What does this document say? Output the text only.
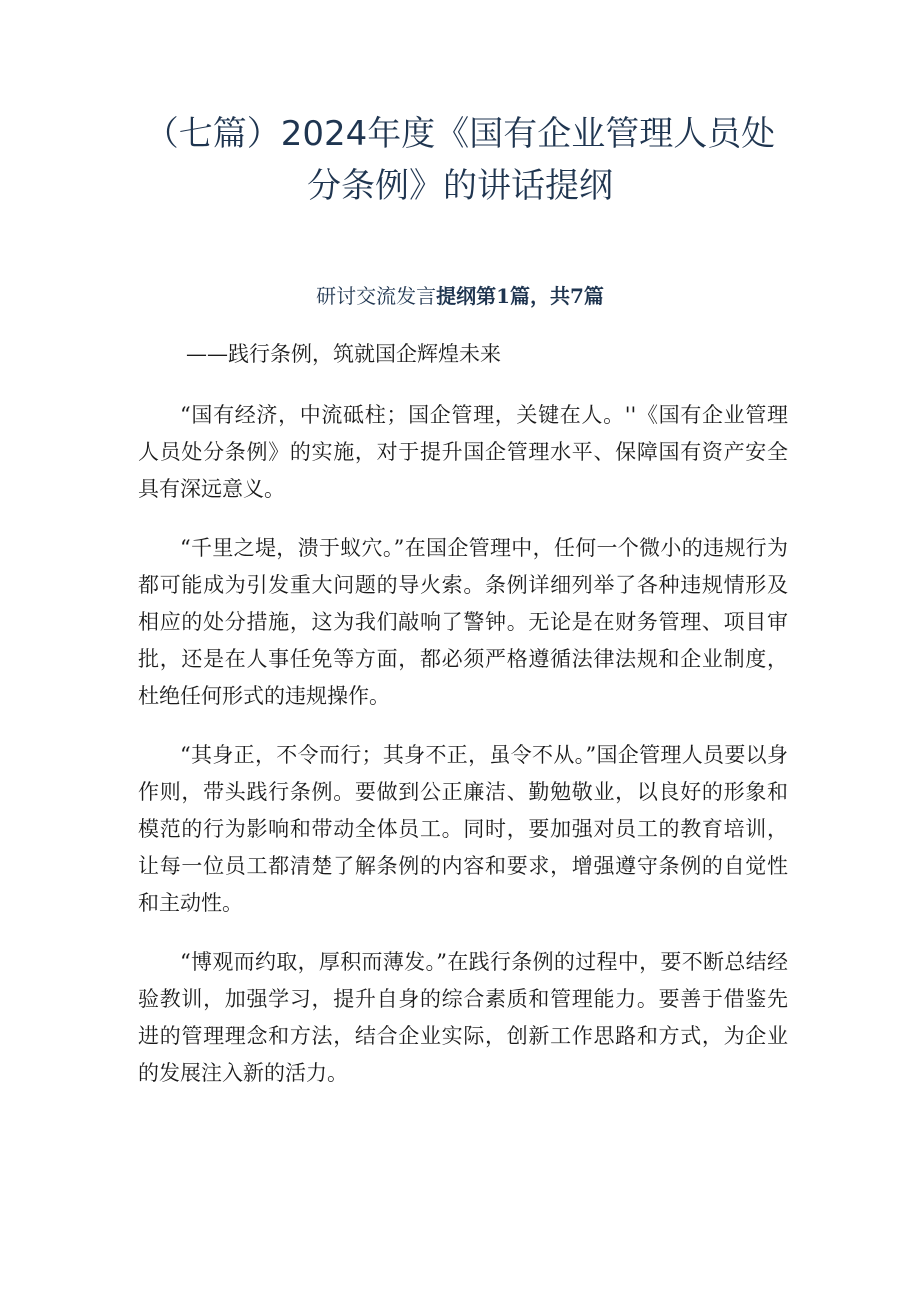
（七篇）2024年度《国有企业管理人员处
分条例》的讲话提纲
研讨交流发言提纲第1篇，共7篇

——践行条例，筑就国企辉煌未来

“国有经济，中流砥柱；国企管理，关键在人。''《国有企业管理人员处分条例》的实施，对于提升国企管理水平、保障国有资产安全具有深远意义。

“千里之堤，溃于蚁穴。”在国企管理中，任何一个微小的违规行为都可能成为引发重大问题的导火索。条例详细列举了各种违规情形及相应的处分措施，这为我们敲响了警钟。无论是在财务管理、项目审批，还是在人事任免等方面，都必须严格遵循法律法规和企业制度，杜绝任何形式的违规操作。

“其身正，不令而行；其身不正，虽令不从。”国企管理人员要以身作则，带头践行条例。要做到公正廉洁、勤勉敬业，以良好的形象和模范的行为影响和带动全体员工。同时，要加强对员工的教育培训，让每一位员工都清楚了解条例的内容和要求，增强遵守条例的自觉性和主动性。

“博观而约取，厚积而薄发。”在践行条例的过程中，要不断总结经验教训，加强学习，提升自身的综合素质和管理能力。要善于借鉴先进的管理理念和方法，结合企业实际，创新工作思路和方式，为企业的发展注入新的活力。
